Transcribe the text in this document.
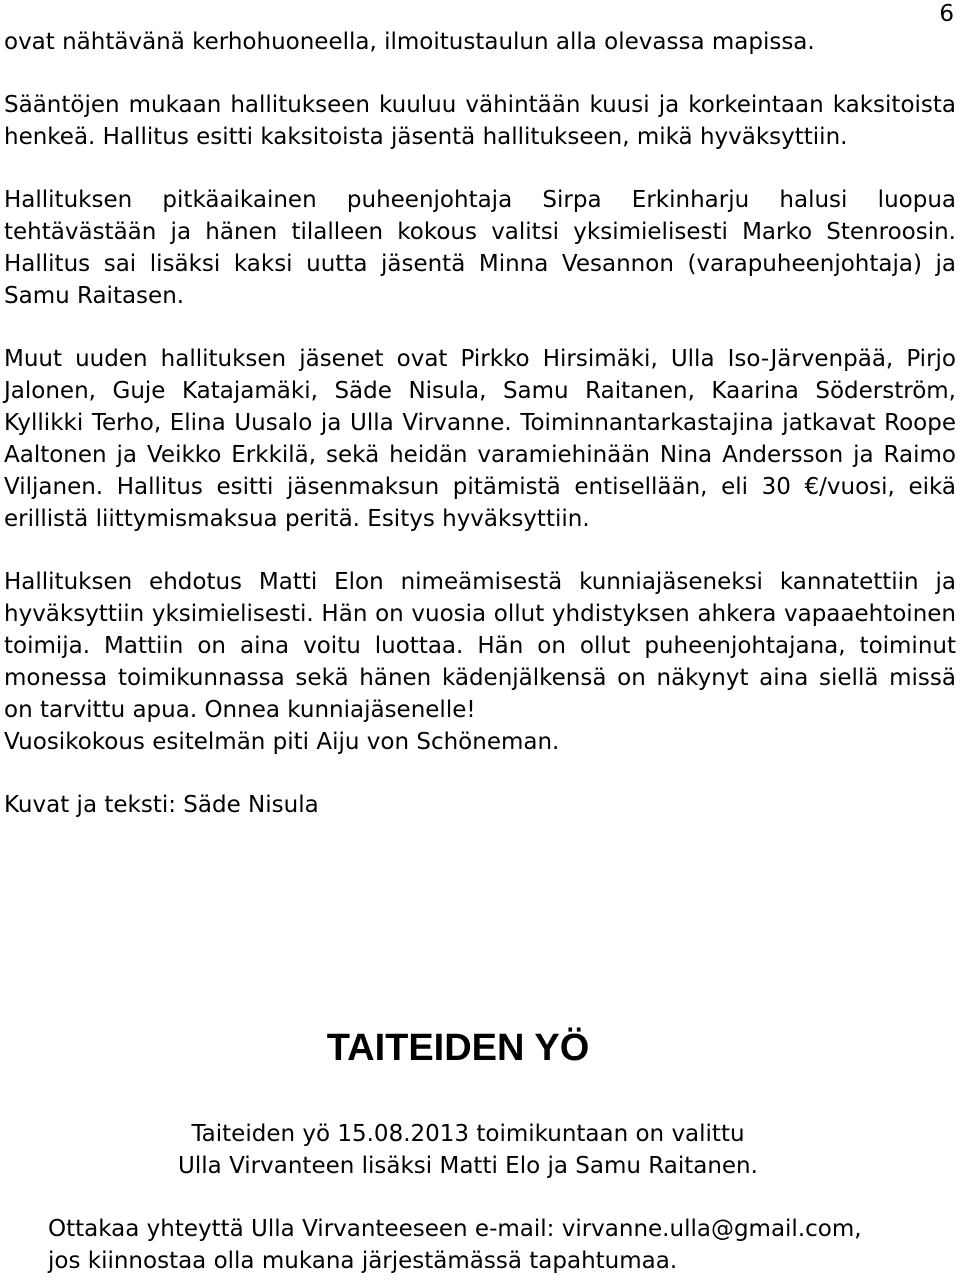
6

ovat nähtävänä kerhohuoneella, ilmoitustaulun alla olevassa mapissa.

Sääntöjen mukaan hallitukseen kuuluu vähintään kuusi ja korkeintaan kaksitoista henkeä. Hallitus esitti kaksitoista jäsentä hallitukseen, mikä hyväksyttiin.

Hallituksen pitkäaikainen puheenjohtaja Sirpa Erkinharju halusi luopua tehtävästään ja hänen tilalleen kokous valitsi yksimielisesti Marko Stenroosin. Hallitus sai lisäksi kaksi uutta jäsentä Minna Vesannon (varapuheenjohtaja) ja Samu Raitasen.

Muut uuden hallituksen jäsenet ovat Pirkko Hirsimäki, Ulla Iso-Järvenpää, Pirjo Jalonen, Guje Katajamäki, Säde Nisula, Samu Raitanen, Kaarina Söderström, Kyllikki Terho, Elina Uusalo ja Ulla Virvanne. Toiminnantarkastajina jatkavat Roope Aaltonen ja Veikko Erkkilä, sekä heidän varamiehinään Nina Andersson ja Raimo Viljanen. Hallitus esitti jäsenmaksun pitämistä entisellään, eli 30 €/vuosi, eikä erillistä liittymismaksua peritä. Esitys hyväksyttiin.

Hallituksen ehdotus Matti Elon nimeämisestä kunniajäseneksi kannatettiin ja hyväksyttiin yksimielisesti. Hän on vuosia ollut yhdistyksen ahkera vapaaehtoinen toimija. Mattiin on aina voitu luottaa. Hän on ollut puheenjohtajana, toiminut monessa toimikunnassa sekä hänen kädenjälkensä on näkynyt aina siellä missä on tarvittu apua. Onnea kunniajäsenelle!

Vuosikokous esitelmän piti Aiju von Schöneman.

Kuvat ja teksti: Säde Nisula

TAITEIDEN YÖ
Taiteiden yö 15.08.2013 toimikuntaan on valittu
Ulla Virvanteen lisäksi Matti Elo ja Samu Raitanen.
Ottakaa yhteyttä Ulla Virvanteeseen e-mail: virvanne.ulla@gmail.com,
jos kiinnostaa olla mukana järjestämässä tapahtumaa.
